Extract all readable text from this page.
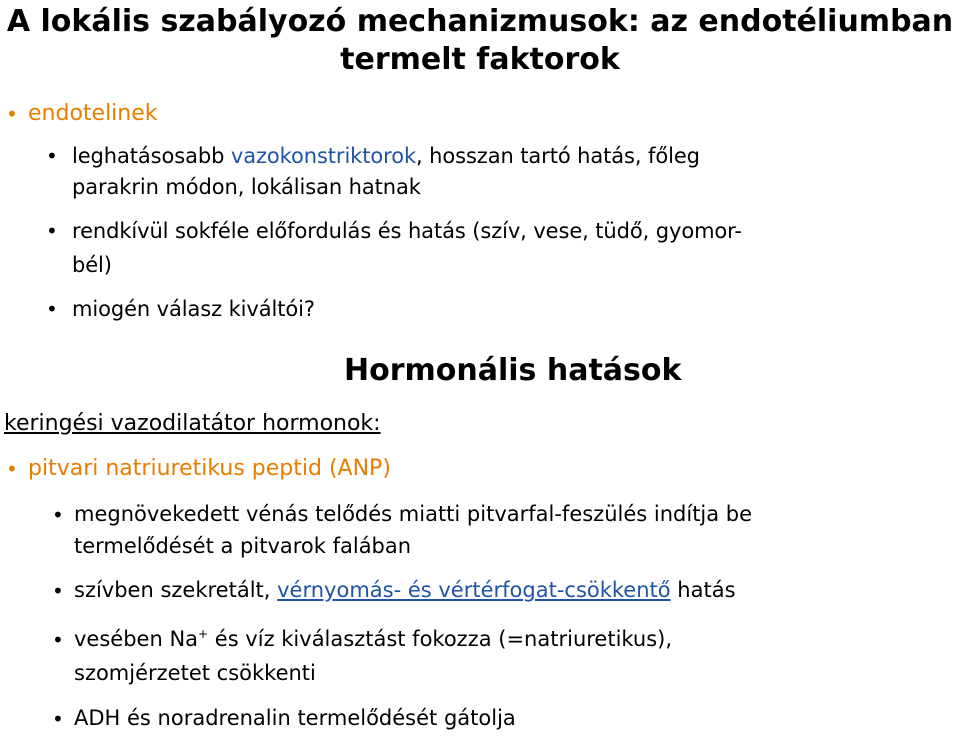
A lokális szabályozó mechanizmusok: az endotéliumban
termelt faktorok
• endotelinek
• leghatásosabb vazokonstriktorok, hosszan tartó hatás, főleg
parakrin módon, lokálisan hatnak
• rendkívül sokféle előfordulás és hatás (szív, vese, tüdő, gyomor-
bél)
• miogén válasz kiváltói?
Hormonális hatások
keringési vazodilatátor hormonok:
• pitvari natriuretikus peptid (ANP)
• megnövekedett vénás telődés miatti pitvarfal-feszülés indítja be
termelődését a pitvarok falában
• szívben szekretált, vérnyomás- és vértérfogat-csökkentő hatás
• vesében Na+ és víz kiválasztást fokozza (=natriuretikus),
szomjérzetet csökkenti
• ADH és noradrenalin termelődését gátolja
